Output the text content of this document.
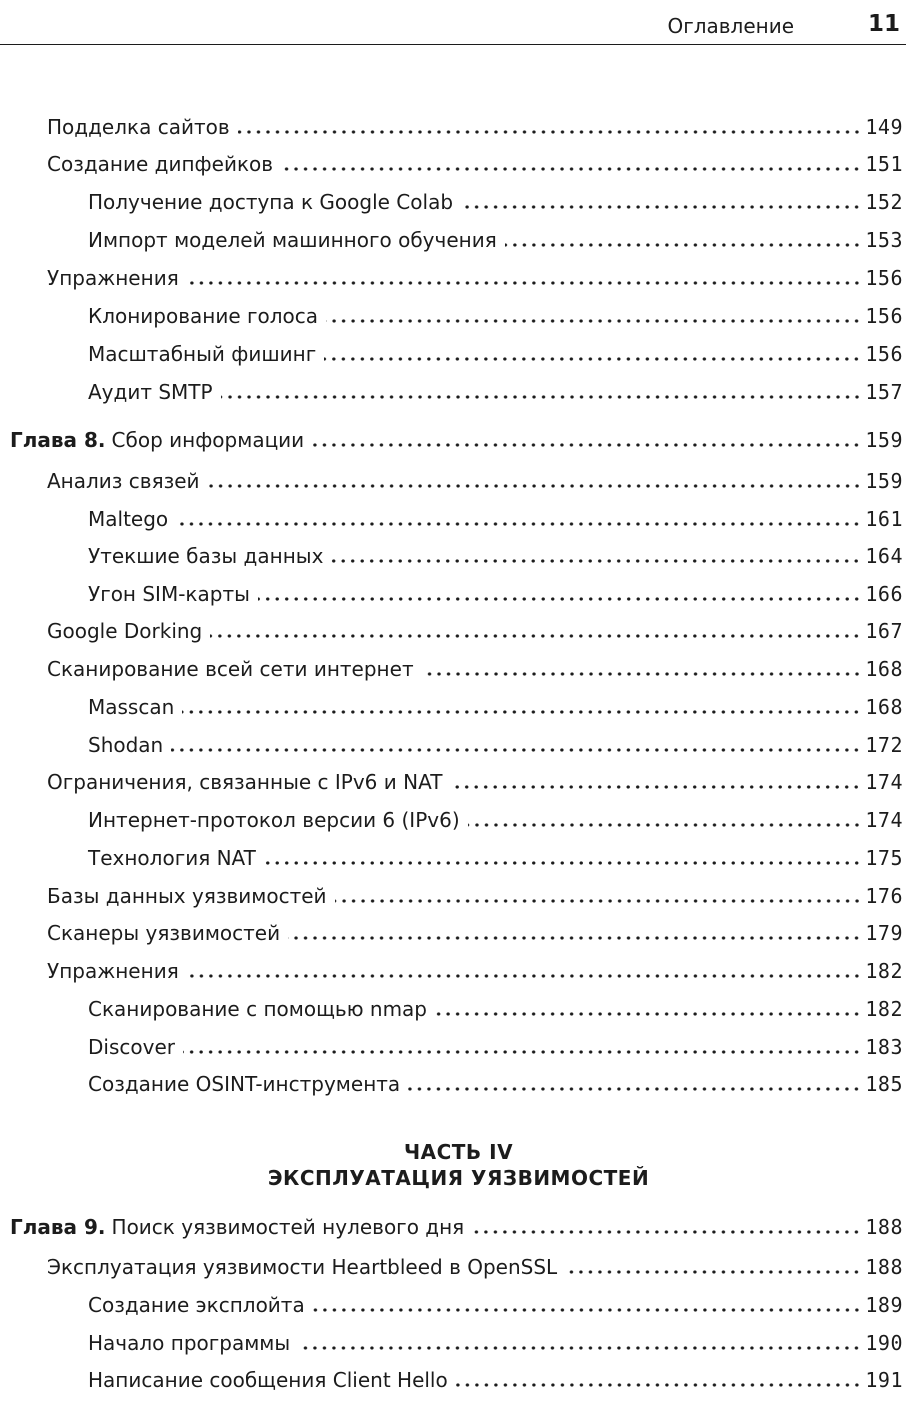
Оглавление	11
Подделка сайтов	149
Создание дипфейков	151
Получение доступа к Google Colab	152
Импорт моделей машинного обучения	153
Упражнения	156
Клонирование голоса	156
Масштабный фишинг	156
Аудит SMTP	157
Глава 8. Сбор информации	159
Анализ связей	159
Maltego	161
Утекшие базы данных	164
Угон SIM-карты	166
Google Dorking	167
Сканирование всей сети интернет	168
Masscan	168
Shodan	172
Ограничения, связанные с IPv6 и NAT	174
Интернет-протокол версии 6 (IPv6)	174
Технология NAT	175
Базы данных уязвимостей	176
Сканеры уязвимостей	179
Упражнения	182
Сканирование с помощью nmap	182
Discover	183
Создание OSINT-инструмента	185
ЧАСТЬ IV
ЭКСПЛУАТАЦИЯ УЯЗВИМОСТЕЙ
Глава 9. Поиск уязвимостей нулевого дня	188
Эксплуатация уязвимости Heartbleed в OpenSSL	188
Создание эксплойта	189
Начало программы	190
Написание сообщения Client Hello	191
